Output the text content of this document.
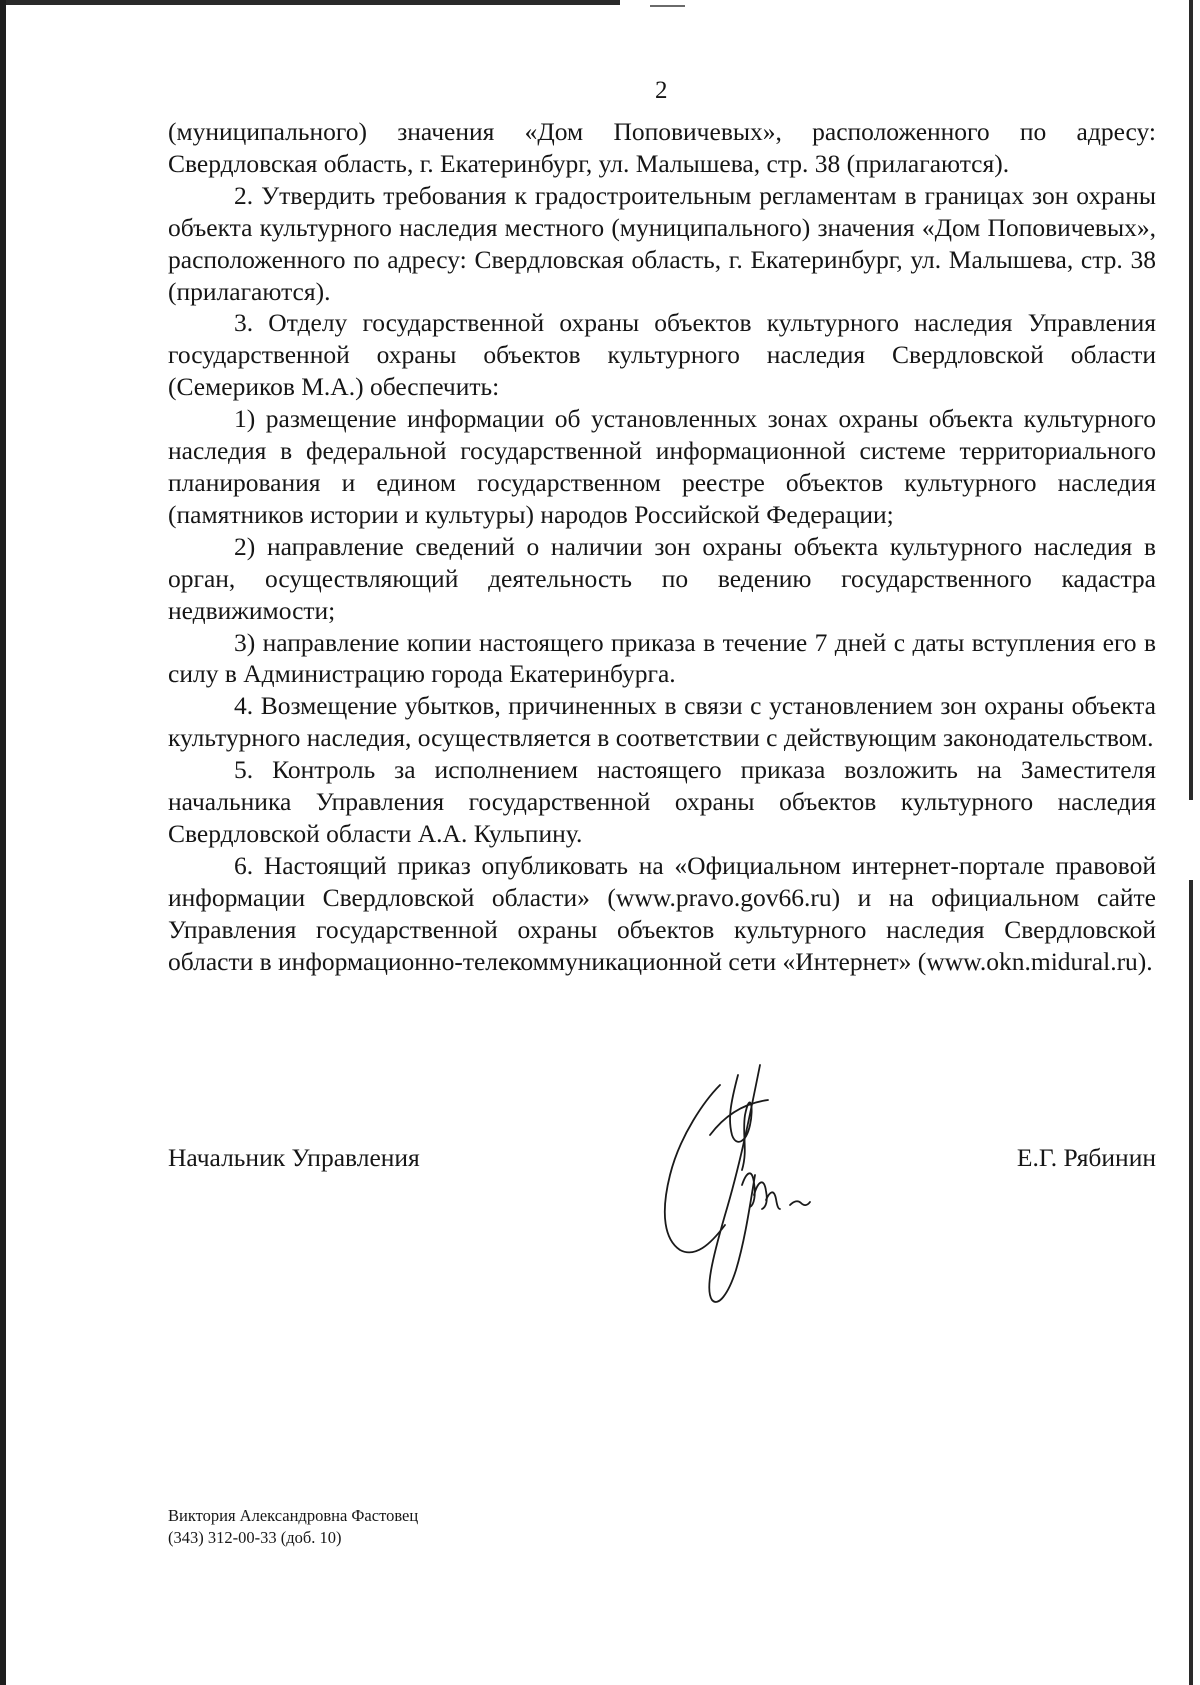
2

(муниципального) значения «Дом Поповичевых», расположенного по адресу: Свердловская область, г. Екатеринбург, ул. Малышева, стр. 38 (прилагаются).

2. Утвердить требования к градостроительным регламентам в границах зон охраны объекта культурного наследия местного (муниципального) значения «Дом Поповичевых», расположенного по адресу: Свердловская область, г. Екатеринбург, ул. Малышева, стр. 38 (прилагаются).

3. Отделу государственной охраны объектов культурного наследия Управления государственной охраны объектов культурного наследия Свердловской области (Семериков М.А.) обеспечить:

1) размещение информации об установленных зонах охраны объекта культурного наследия в федеральной государственной информационной системе территориального планирования и едином государственном реестре объектов культурного наследия (памятников истории и культуры) народов Российской Федерации;

2) направление сведений о наличии зон охраны объекта культурного наследия в орган, осуществляющий деятельность по ведению государственного кадастра недвижимости;

3) направление копии настоящего приказа в течение 7 дней с даты вступления его в силу в Администрацию города Екатеринбурга.

4. Возмещение убытков, причиненных в связи с установлением зон охраны объекта культурного наследия, осуществляется в соответствии с действующим законодательством.

5. Контроль за исполнением настоящего приказа возложить на Заместителя начальника Управления государственной охраны объектов культурного наследия Свердловской области А.А. Кульпину.

6. Настоящий приказ опубликовать на «Официальном интернет-портале правовой информации Свердловской области» (www.pravo.gov66.ru) и на официальном сайте Управления государственной охраны объектов культурного наследия Свердловской области в информационно-телекоммуникационной сети «Интернет» (www.okn.midural.ru).

Начальник Управления	Е.Г. Рябинин
Виктория Александровна Фастовец
(343) 312-00-33 (доб. 10)
